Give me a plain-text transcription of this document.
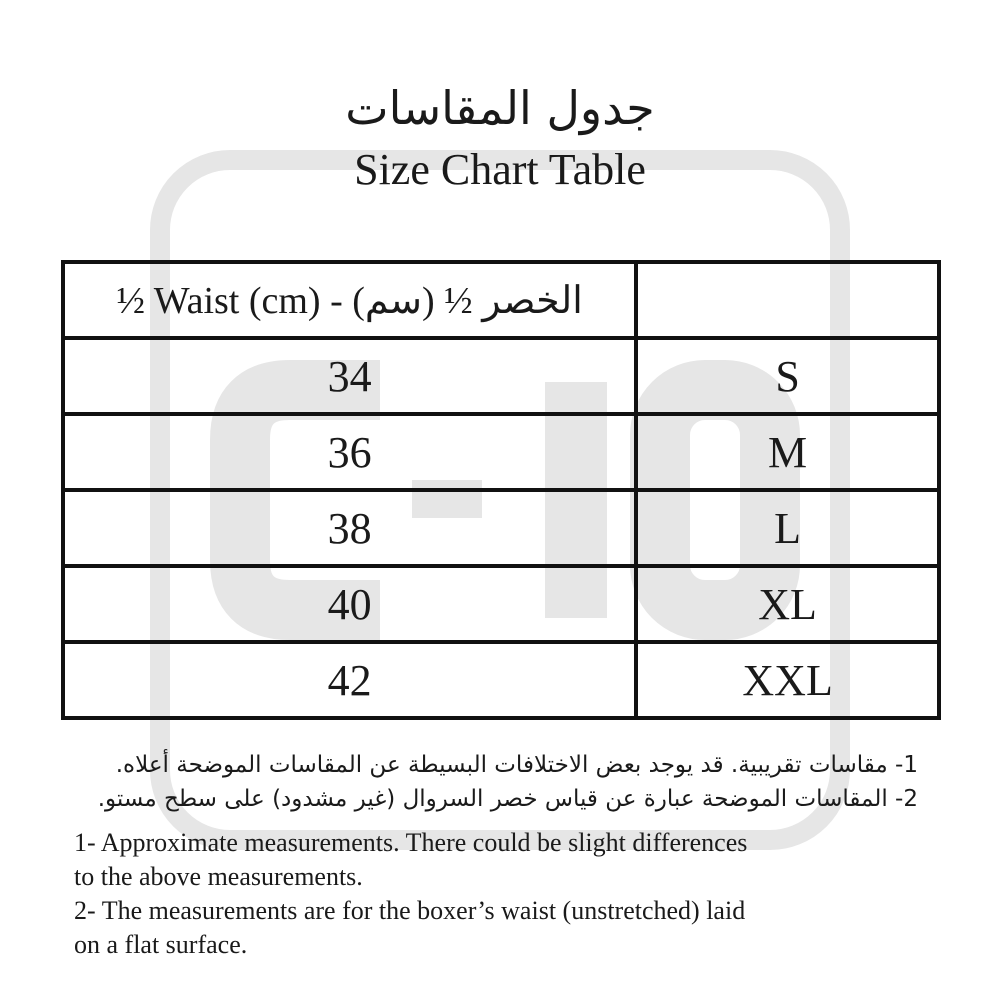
جدول المقاسات
Size Chart Table
½ Waist (cm) - (سم) ½ الخصر	
34	S
36	M
38	L
40	XL
42	XXL
1- مقاسات تقريبية. قد يوجد بعض الاختلافات البسيطة عن المقاسات الموضحة أعلاه.
2- المقاسات الموضحة عبارة عن قياس خصر السروال (غير مشدود) على سطح مستو.
1- Approximate measurements. There could be slight differences
to the above measurements.
2- The measurements are for the boxer’s waist (unstretched) laid
on a flat surface.
